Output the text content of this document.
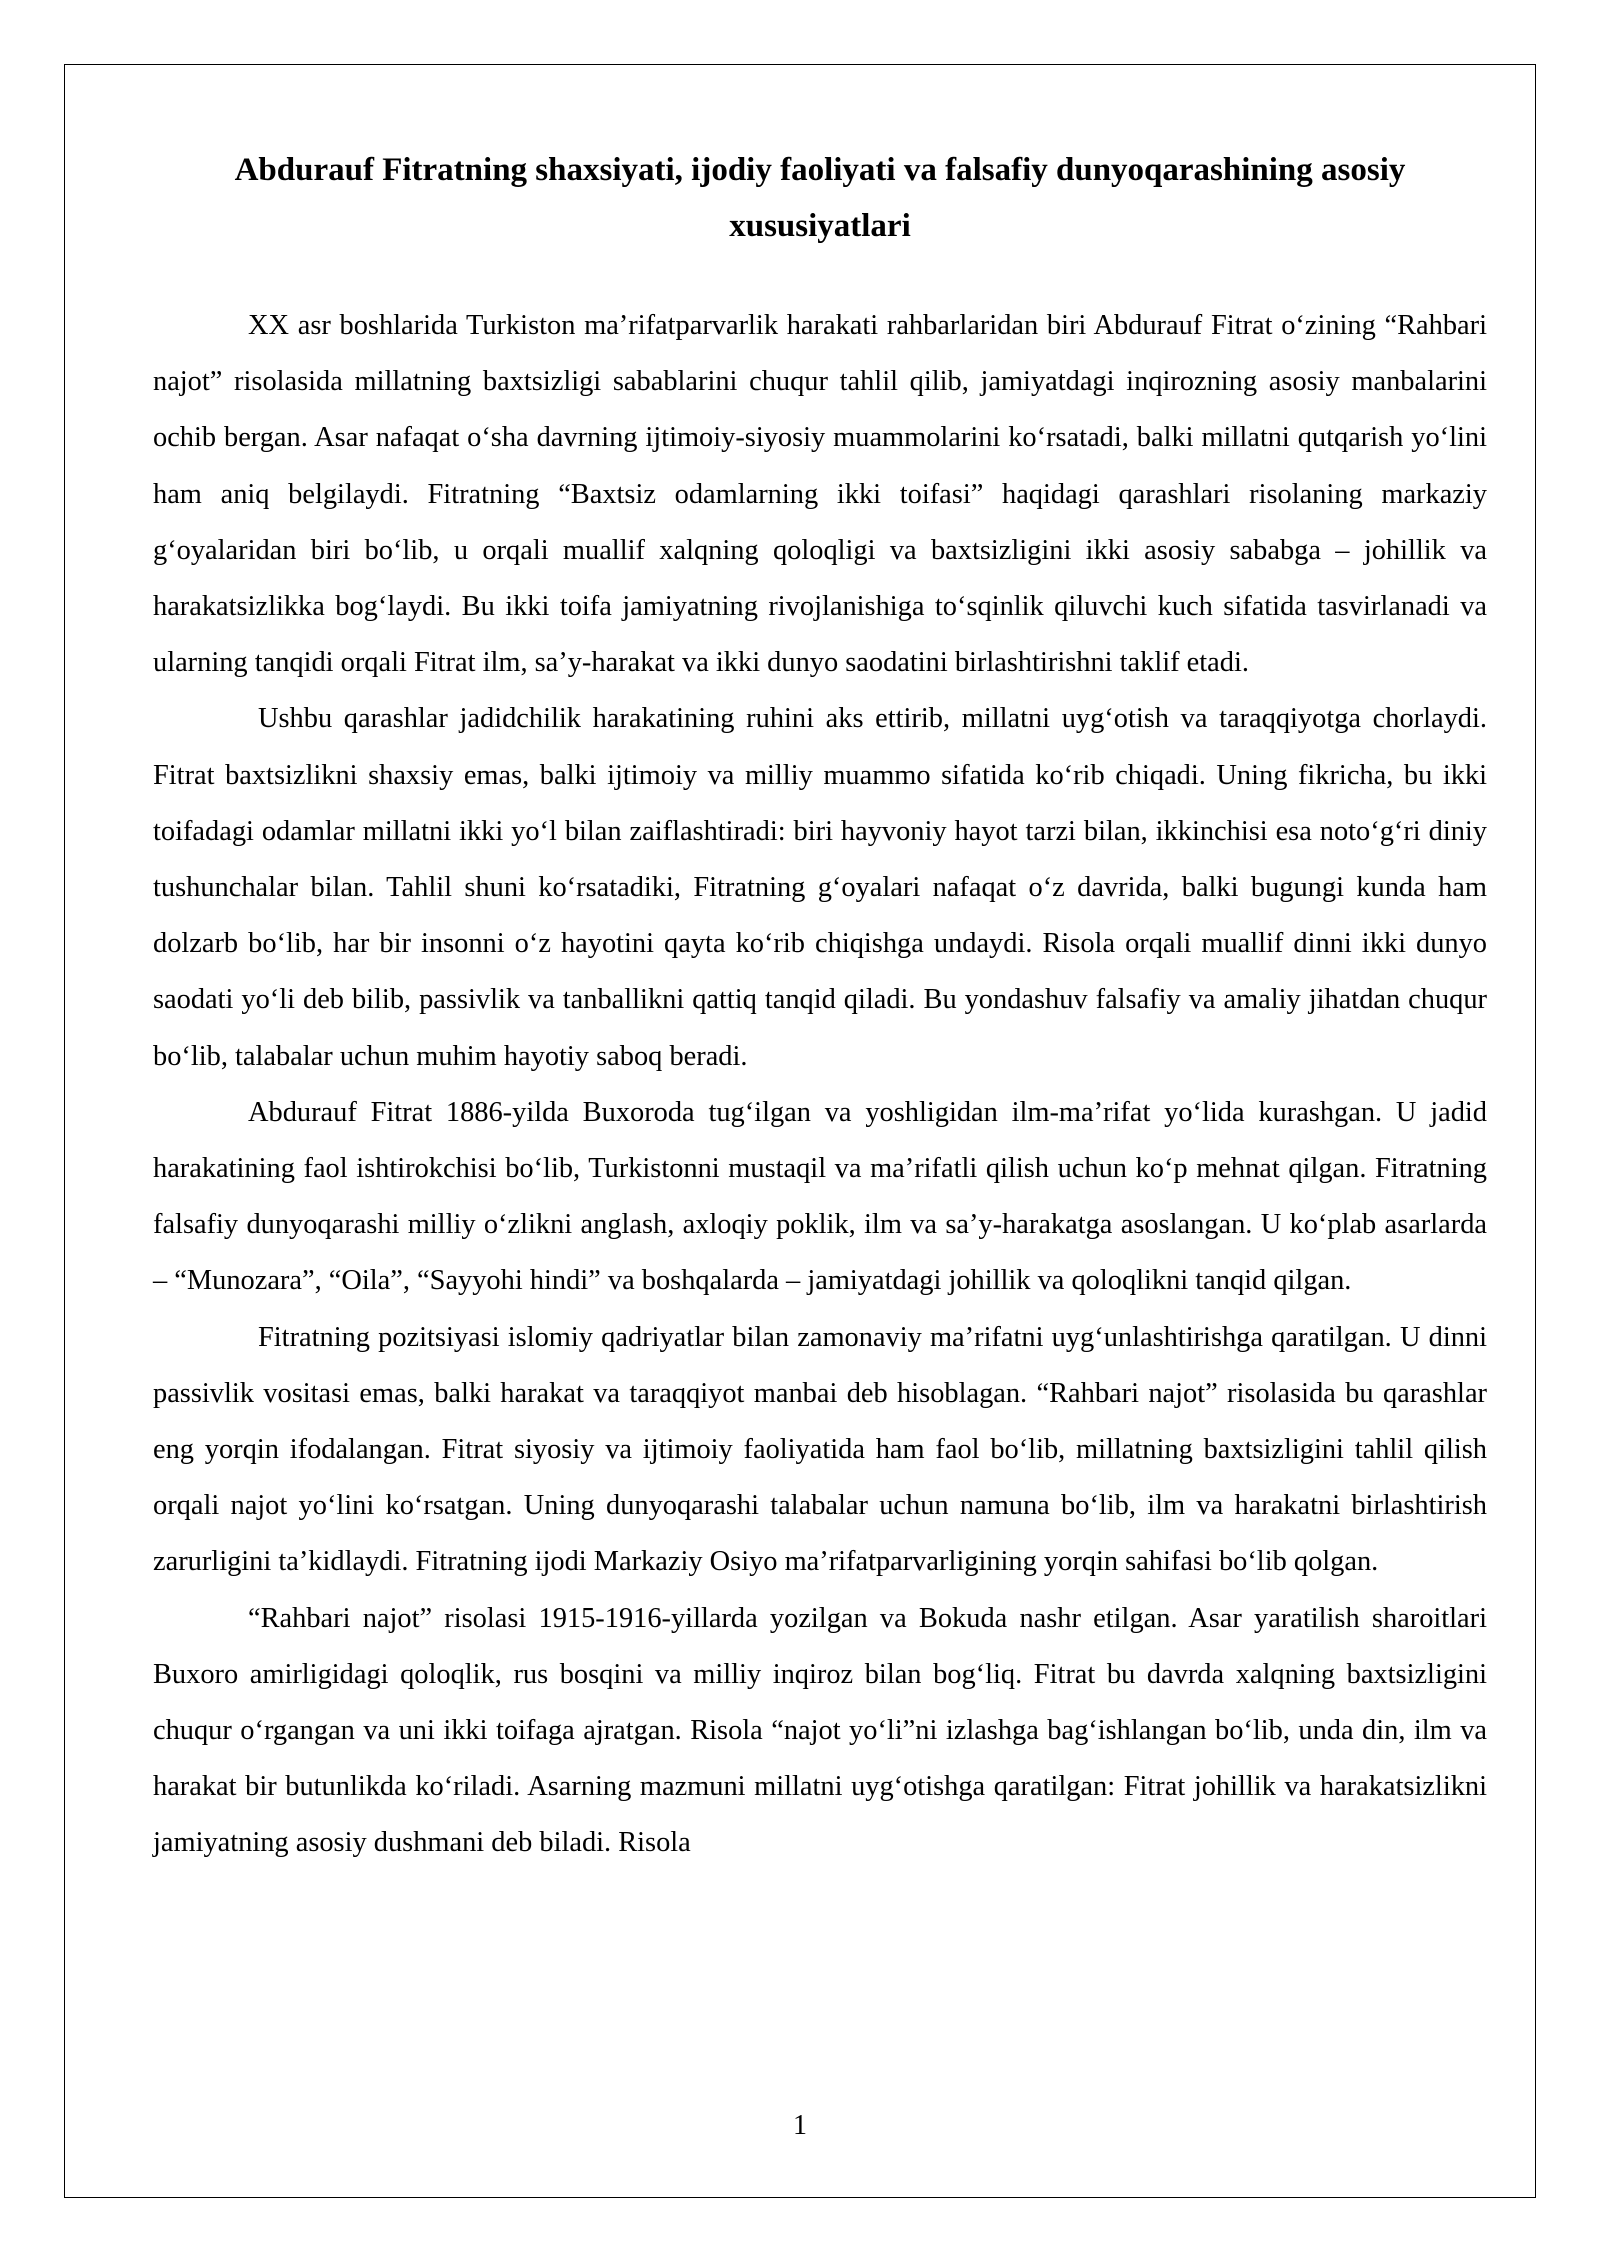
Abdurauf Fitratning shaxsiyati, ijodiy faoliyati va falsafiy dunyoqarashining asosiy xususiyatlari

XX asr boshlarida Turkiston ma’rifatparvarlik harakati rahbarlaridan biri Abdurauf Fitrat o‘zining “Rahbari najot” risolasida millatning baxtsizligi sabablarini chuqur tahlil qilib, jamiyatdagi inqirozning asosiy manbalarini ochib bergan. Asar nafaqat o‘sha davrning ijtimoiy-siyosiy muammolarini ko‘rsatadi, balki millatni qutqarish yo‘lini ham aniq belgilaydi. Fitratning “Baxtsiz odamlarning ikki toifasi” haqidagi qarashlari risolaning markaziy g‘oyalaridan biri bo‘lib, u orqali muallif xalqning qoloqligi va baxtsizligini ikki asosiy sababga – johillik va harakatsizlikka bog‘laydi. Bu ikki toifa jamiyatning rivojlanishiga to‘sqinlik qiluvchi kuch sifatida tasvirlanadi va ularning tanqidi orqali Fitrat ilm, sa’y-harakat va ikki dunyo saodatini birlashtirishni taklif etadi.

Ushbu qarashlar jadidchilik harakatining ruhini aks ettirib, millatni uyg‘otish va taraqqiyotga chorlaydi. Fitrat baxtsizlikni shaxsiy emas, balki ijtimoiy va milliy muammo sifatida ko‘rib chiqadi. Uning fikricha, bu ikki toifadagi odamlar millatni ikki yo‘l bilan zaiflashtiradi: biri hayvoniy hayot tarzi bilan, ikkinchisi esa noto‘g‘ri diniy tushunchalar bilan. Tahlil shuni ko‘rsatadiki, Fitratning g‘oyalari nafaqat o‘z davrida, balki bugungi kunda ham dolzarb bo‘lib, har bir insonni o‘z hayotini qayta ko‘rib chiqishga undaydi. Risola orqali muallif dinni ikki dunyo saodati yo‘li deb bilib, passivlik va tanballikni qattiq tanqid qiladi. Bu yondashuv falsafiy va amaliy jihatdan chuqur bo‘lib, talabalar uchun muhim hayotiy saboq beradi.

Abdurauf Fitrat 1886-yilda Buxoroda tug‘ilgan va yoshligidan ilm-ma’rifat yo‘lida kurashgan. U jadid harakatining faol ishtirokchisi bo‘lib, Turkistonni mustaqil va ma’rifatli qilish uchun ko‘p mehnat qilgan. Fitratning falsafiy dunyoqarashi milliy o‘zlikni anglash, axloqiy poklik, ilm va sa’y-harakatga asoslangan. U ko‘plab asarlarda – “Munozara”, “Oila”, “Sayyohi hindi” va boshqalarda – jamiyatdagi johillik va qoloqlikni tanqid qilgan.

Fitratning pozitsiyasi islomiy qadriyatlar bilan zamonaviy ma’rifatni uyg‘unlashtirishga qaratilgan. U dinni passivlik vositasi emas, balki harakat va taraqqiyot manbai deb hisoblagan. “Rahbari najot” risolasida bu qarashlar eng yorqin ifodalangan. Fitrat siyosiy va ijtimoiy faoliyatida ham faol bo‘lib, millatning baxtsizligini tahlil qilish orqali najot yo‘lini ko‘rsatgan. Uning dunyoqarashi talabalar uchun namuna bo‘lib, ilm va harakatni birlashtirish zarurligini ta’kidlaydi. Fitratning ijodi Markaziy Osiyo ma’rifatparvarligining yorqin sahifasi bo‘lib qolgan.

“Rahbari najot” risolasi 1915-1916-yillarda yozilgan va Bokuda nashr etilgan. Asar yaratilish sharoitlari Buxoro amirligidagi qoloqlik, rus bosqini va milliy inqiroz bilan bog‘liq. Fitrat bu davrda xalqning baxtsizligini chuqur o‘rgangan va uni ikki toifaga ajratgan. Risola “najot yo‘li”ni izlashga bag‘ishlangan bo‘lib, unda din, ilm va harakat bir butunlikda ko‘riladi. Asarning mazmuni millatni uyg‘otishga qaratilgan: Fitrat johillik va harakatsizlikni jamiyatning asosiy dushmani deb biladi. Risola

1
